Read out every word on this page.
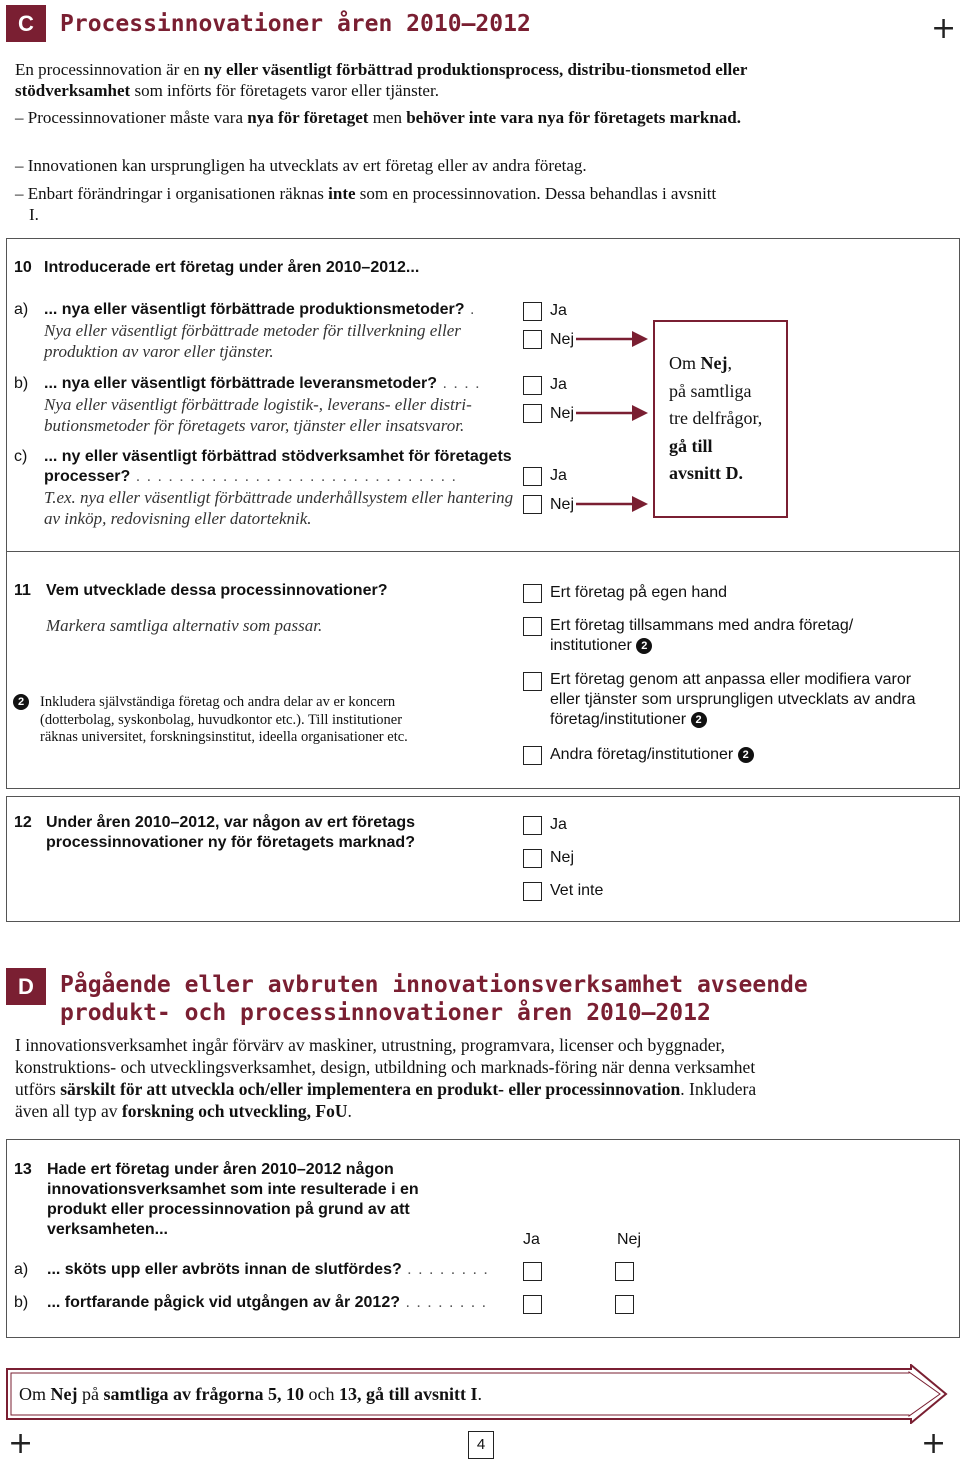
+
+	+
C	Processinnovationer åren 2010–2012
En processinnovation är en ny eller väsentligt förbättrad produktionsprocess, distribu-tionsmetod eller stödverksamhet som införts för företagets varor eller tjänster.
– Processinnovationer måste vara nya för företaget men behöver inte vara nya för företagets marknad.
– Innovationen kan ursprungligen ha utvecklats av ert företag eller av andra företag.
– Enbart förändringar i organisationen räknas inte som en processinnovation. Dessa behandlas i avsnitt I.
10 Introducerade ert företag under åren 2010–2012...
a) ... nya eller väsentligt förbättrade produktionsmetoder? .
Nya eller väsentligt förbättrade metoder för tillverkning eller produktion av varor eller tjänster.
Ja
Nej
b) ... nya eller väsentligt förbättrade leveransmetoder? . . . .
Nya eller väsentligt förbättrade logistik-, leverans- eller distri-butionsmetoder för företagets varor, tjänster eller insatsvaror.
Ja
Nej
c) ... ny eller väsentligt förbättrad stödverksamhet för företagets processer? . . . . . . . . . . . . . . . . . . . . . . . . . . . . . .
T.ex. nya eller väsentligt förbättrade underhållsystem eller hantering av inköp, redovisning eller datorteknik.
Ja
Nej
Om Nej,
på samtliga
tre delfrågor,
gå till
avsnitt D.
11 Vem utvecklade dessa processinnovationer?
Markera samtliga alternativ som passar.
Ert företag på egen hand
Ert företag tillsammans med andra företag/ institutioner 2
Ert företag genom att anpassa eller modifiera varor eller tjänster som ursprungligen utvecklats av andra företag/institutioner 2
Andra företag/institutioner 2
2	Inkludera självständiga företag och andra delar av er koncern (dotterbolag, syskonbolag, huvudkontor etc.). Till institutioner räknas universitet, forskningsinstitut, ideella organisationer etc.
12 Under åren 2010–2012, var någon av ert företags processinnovationer ny för företagets marknad?
Ja
Nej
Vet inte
D	Pågående eller avbruten innovationsverksamhet avseende
produkt- och processinnovationer åren 2010–2012
I innovationsverksamhet ingår förvärv av maskiner, utrustning, programvara, licenser och byggnader, konstruktions- och utvecklingsverksamhet, design, utbildning och marknads-föring när denna verksamhet utförs särskilt för att utveckla och/eller implementera en produkt- eller processinnovation. Inkludera även all typ av forskning och utveckling, FoU.
13 Hade ert företag under åren 2010–2012 någon innovationsverksamhet som inte resulterade i en produkt eller processinnovation på grund av att verksamheten...
Ja	Nej
a) ... sköts upp eller avbröts innan de slutfördes? . . . . . . . .
b) ... fortfarande pågick vid utgången av år 2012? . . . . . . . .
Om Nej på samtliga av frågorna 5, 10 och 13, gå till avsnitt I.
4
